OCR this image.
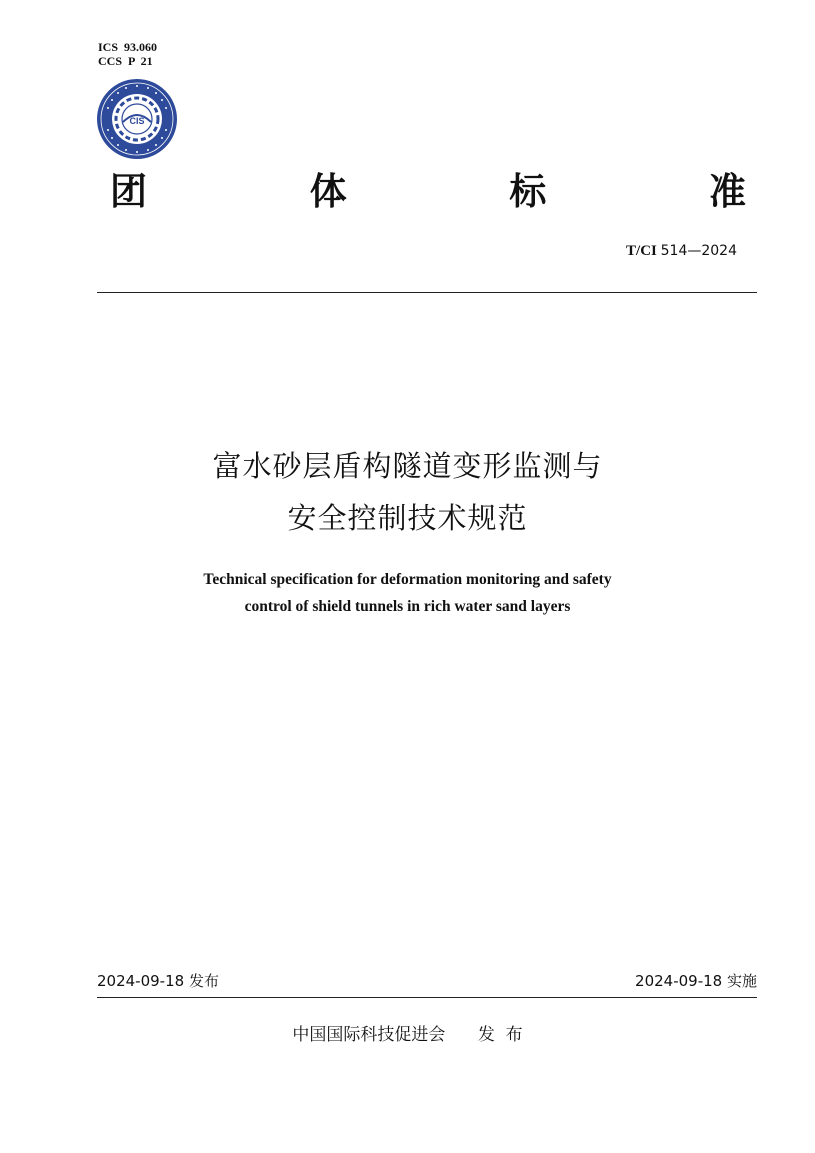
ICS  93.060
CCS  P  21
CIS
团	体	标	准
T/CI 514—2024
富水砂层盾构隧道变形监测与
安全控制技术规范
Technical specification for deformation monitoring and safety
control of shield tunnels in rich water sand layers
2024-09-18 发布	2024-09-18 实施
中国国际科技促进会 发  布
